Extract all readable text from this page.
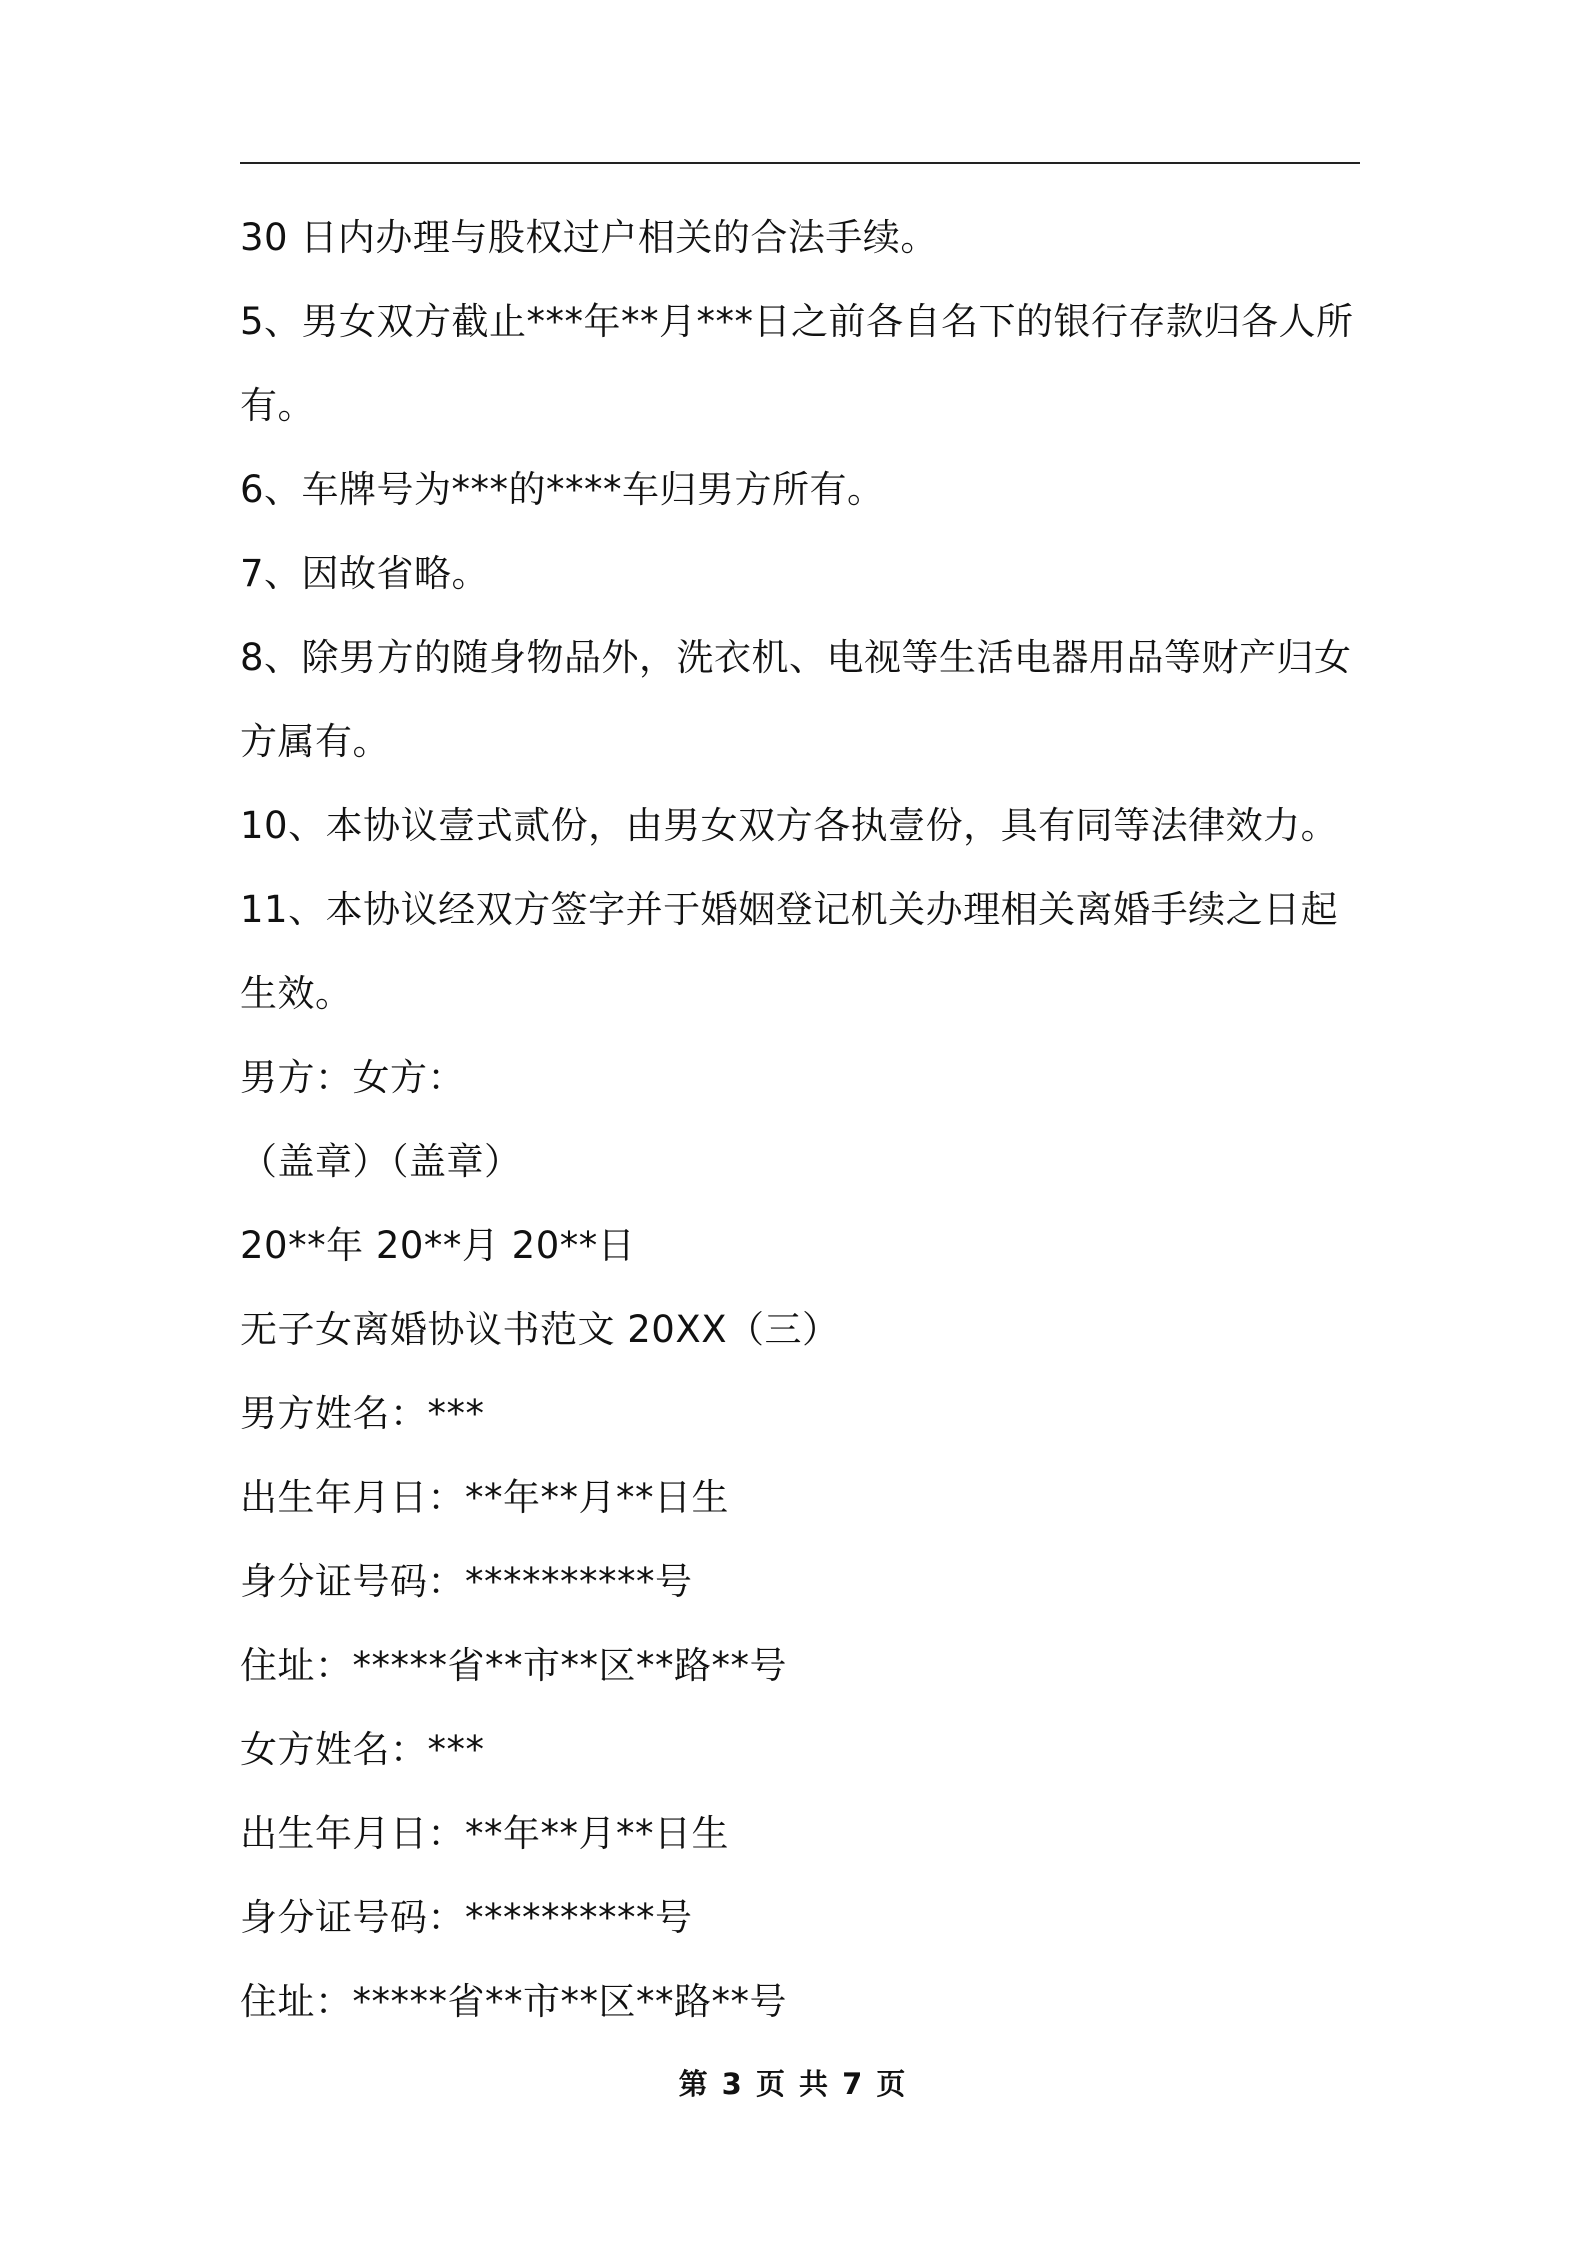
30 日内办理与股权过户相关的合法手续。
5、男女双方截止***年**月***日之前各自名下的银行存款归各人所
有。
6、车牌号为***的****车归男方所有。
7、因故省略。
8、除男方的随身物品外，洗衣机、电视等生活电器用品等财产归女
方属有。
10、本协议壹式贰份，由男女双方各执壹份，具有同等法律效力。
11、本协议经双方签字并于婚姻登记机关办理相关离婚手续之日起
生效。
男方：女方：
（盖章）（盖章）
20**年 20**月 20**日
无子女离婚协议书范文 20XX（三）
男方姓名：***
出生年月日：**年**月**日生
身分证号码：**********号
住址：*****省**市**区**路**号
女方姓名：***
出生年月日：**年**月**日生
身分证号码：**********号
住址：*****省**市**区**路**号
第 3 页 共 7 页
